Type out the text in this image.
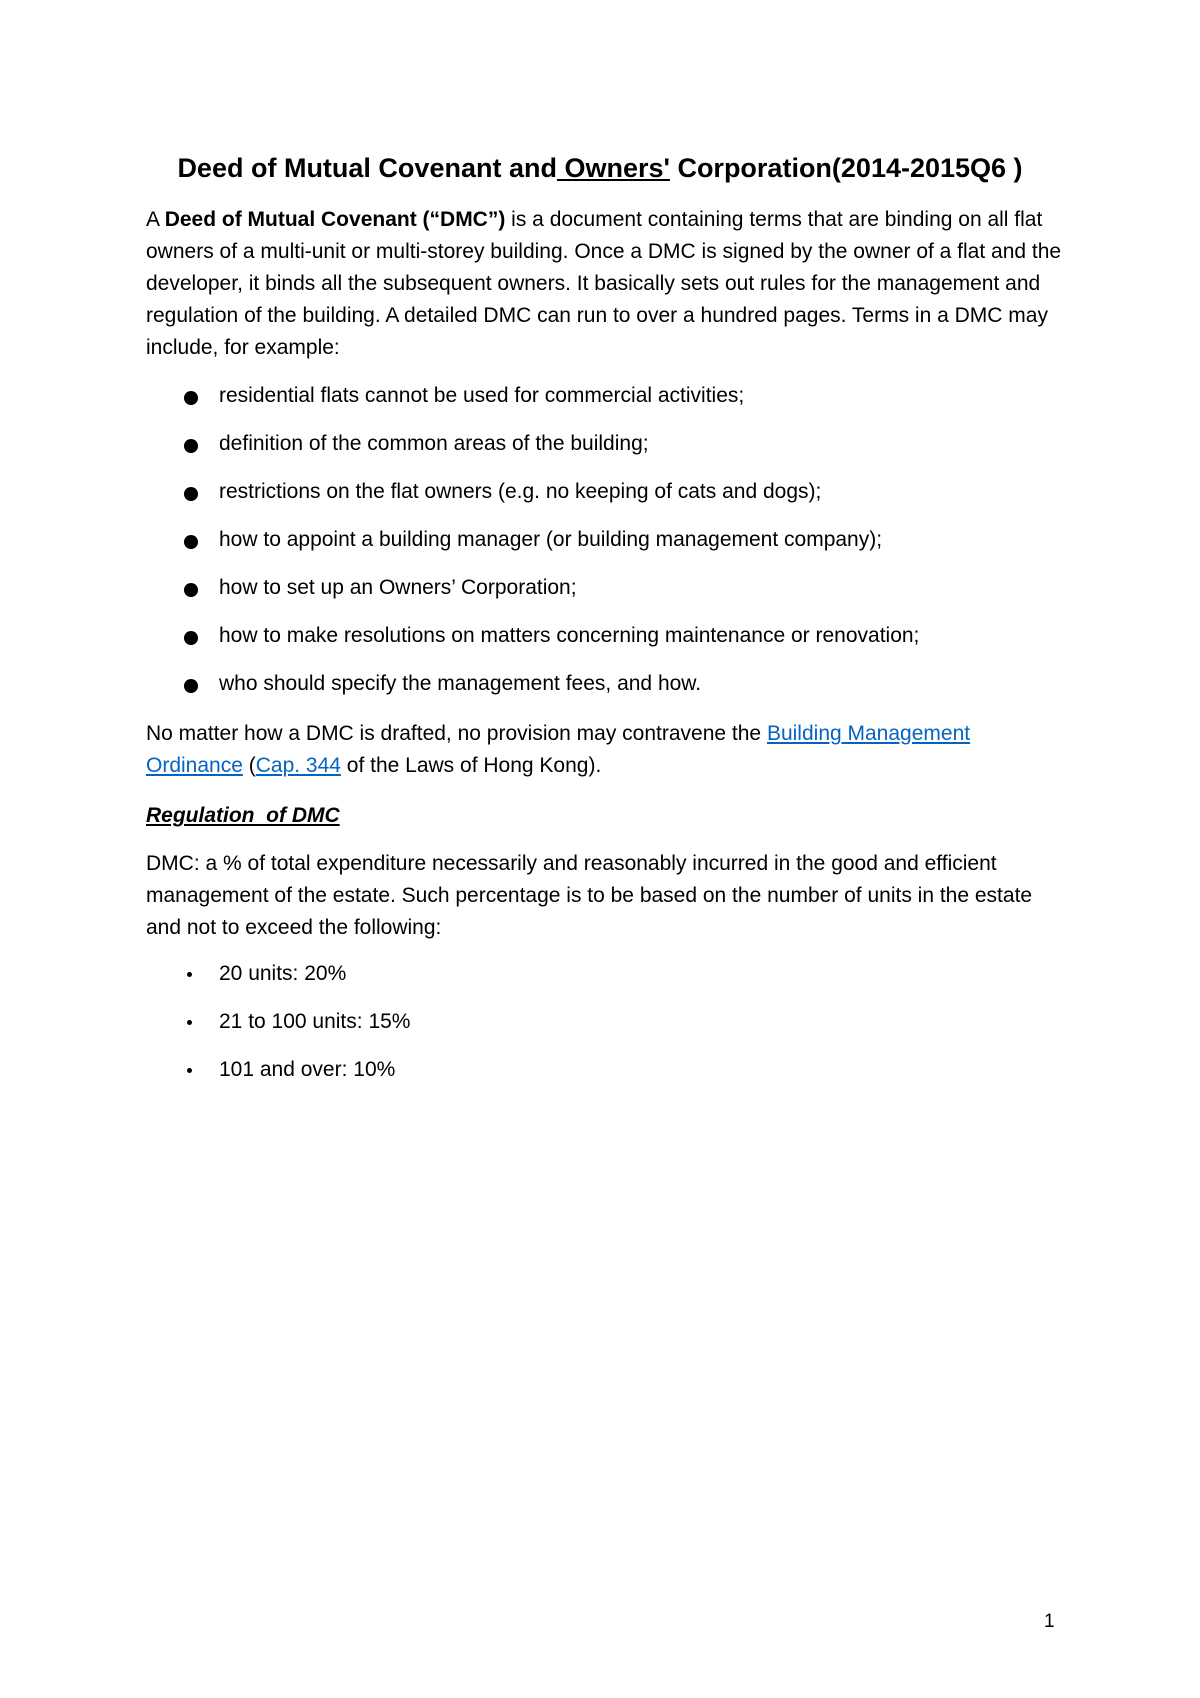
Deed of Mutual Covenant and Owners' Corporation(2014-2015Q6 )
A Deed of Mutual Covenant (“DMC”) is a document containing terms that are binding on all flat owners of a multi-unit or multi-storey building. Once a DMC is signed by the owner of a flat and the developer, it binds all the subsequent owners. It basically sets out rules for the management and regulation of the building. A detailed DMC can run to over a hundred pages. Terms in a DMC may include, for example:
residential flats cannot be used for commercial activities;
definition of the common areas of the building;
restrictions on the flat owners (e.g. no keeping of cats and dogs);
how to appoint a building manager (or building management company);
how to set up an Owners’ Corporation;
how to make resolutions on matters concerning maintenance or renovation;
who should specify the management fees, and how.
No matter how a DMC is drafted, no provision may contravene the Building Management Ordinance (Cap. 344 of the Laws of Hong Kong).
Regulation  of DMC
DMC: a % of total expenditure necessarily and reasonably incurred in the good and efficient management of the estate. Such percentage is to be based on the number of units in the estate and not to exceed the following:
20 units: 20%
21 to 100 units: 15%
101 and over: 10%
1
